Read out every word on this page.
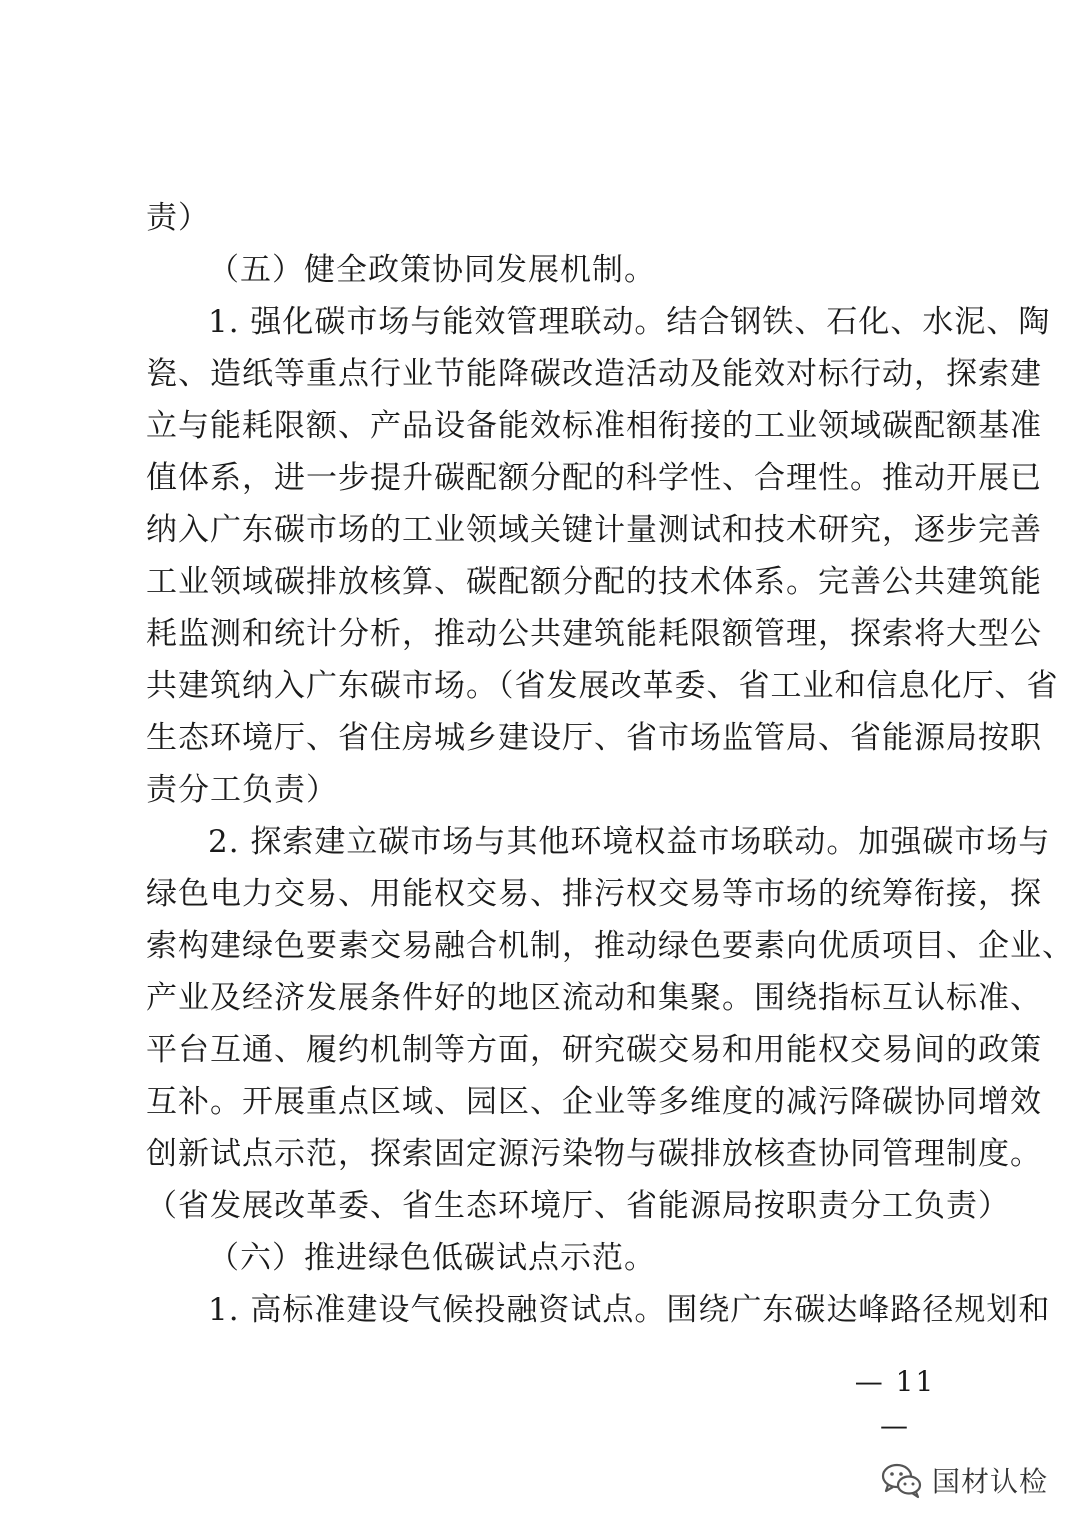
责）
（五）健全政策协同发展机制。
1. 强化碳市场与能效管理联动。结合钢铁、石化、水泥、陶
瓷、造纸等重点行业节能降碳改造活动及能效对标行动，探索建
立与能耗限额、产品设备能效标准相衔接的工业领域碳配额基准
值体系，进一步提升碳配额分配的科学性、合理性。推动开展已
纳入广东碳市场的工业领域关键计量测试和技术研究，逐步完善
工业领域碳排放核算、碳配额分配的技术体系。完善公共建筑能
耗监测和统计分析，推动公共建筑能耗限额管理，探索将大型公
共建筑纳入广东碳市场。（省发展改革委、省工业和信息化厅、省
生态环境厅、省住房城乡建设厅、省市场监管局、省能源局按职
责分工负责）
2. 探索建立碳市场与其他环境权益市场联动。加强碳市场与
绿色电力交易、用能权交易、排污权交易等市场的统筹衔接，探
索构建绿色要素交易融合机制，推动绿色要素向优质项目、企业、
产业及经济发展条件好的地区流动和集聚。围绕指标互认标准、
平台互通、履约机制等方面，研究碳交易和用能权交易间的政策
互补。开展重点区域、园区、企业等多维度的减污降碳协同增效
创新试点示范，探索固定源污染物与碳排放核查协同管理制度。
（省发展改革委、省生态环境厅、省能源局按职责分工负责）
（六）推进绿色低碳试点示范。
1. 高标准建设气候投融资试点。围绕广东碳达峰路径规划和
— 11 —
国材认检
